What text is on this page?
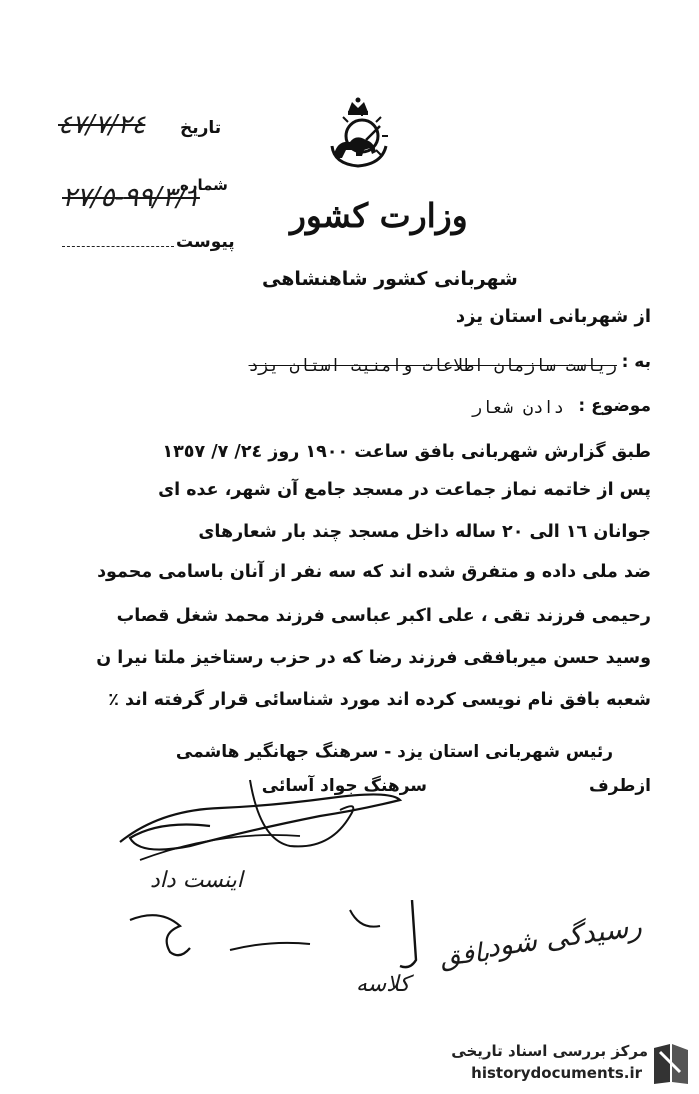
تاریخ
٤٧/٧/٢٤
شماره
٩٩/٣/١-٢٧/٥
پیوست
وزارت کشور
شهربانی کشور شاهنشاهی
از شهربانی استان یزد
به :
ریاست سازمان اطلاعات وامنیت استان یزد
موضوع :
دادن شعار
طبق گزارش شهربانی بافق ساعت ١٩٠٠ روز ٢٤/ ٧/ ١٣٥٧
پس از خاتمه نماز جماعت در مسجد جامع آن شهر، عده ای
جوانان ١٦ الی ٢٠ ساله داخل مسجد چند بار شعارهای
ضد ملی داده و متفرق شده اند که سه نفر از آنان باسامی محمود
رحیمی فرزند تقی ، علی اکبر عباسی فرزند محمد شغل قصاب
وسید حسن میربافقی فرزند رضا که در حزب رستاخیز ملتا نیرا ن
شعبه بافق نام نویسی کرده اند مورد شناسائی قرار گرفته اند ٪
رئیس شهربانی استان یزد - سرهنگ جهانگیر هاشمی
ازطرف
سرهنگ جواد آسائی
اینست داد
رسیدگی شود
بافق
کلاسه
مرکز بررسی اسناد تاریخی
historydocuments.ir
